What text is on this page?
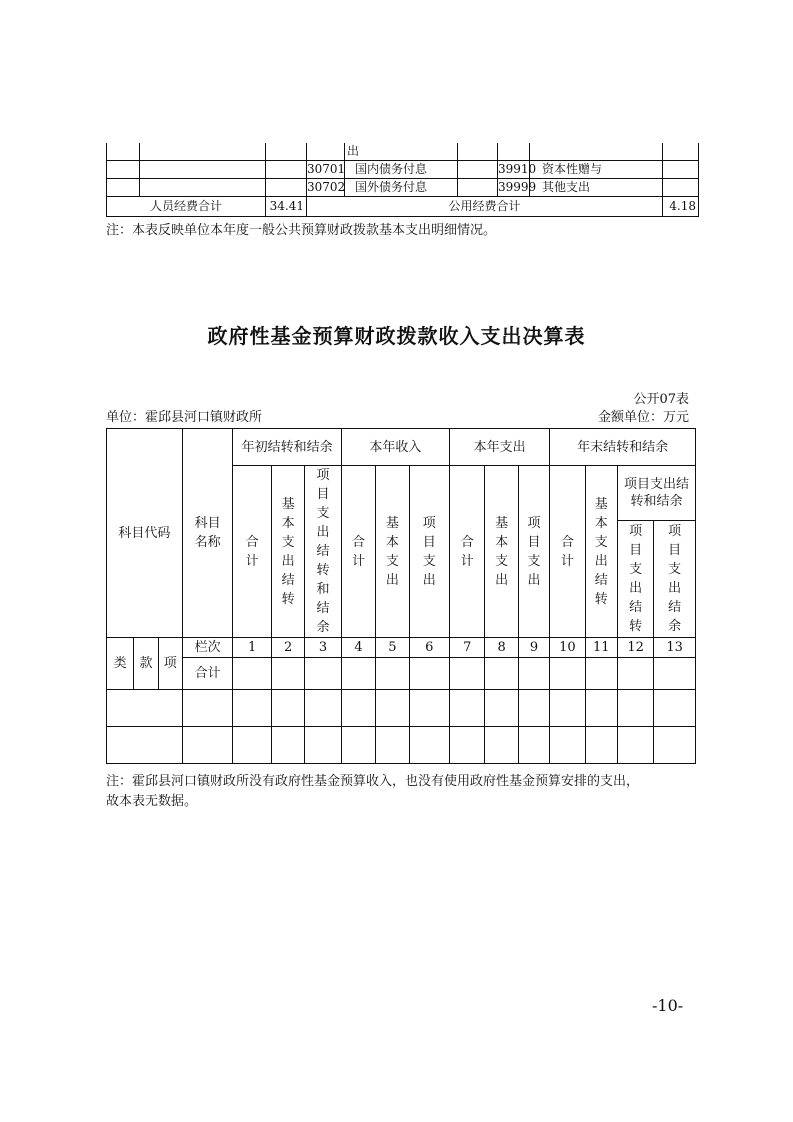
				出				
			30701	国内债务付息		39910	资本性赠与	
			30702	国外债务付息		39999	其他支出	
人员经费合计		34.41	公用经费合计					4.18
注：本表反映单位本年度一般公共预算财政拨款基本支出明细情况。
政府性基金预算财政拨款收入支出决算表
公开07表
单位：霍邱县河口镇财政所	金额单位：万元
科目代码			科目名称	年初结转和结余			本年收入			本年支出			年末结转和结余			
				合计	基本支出结转	项目支出结转和结余	合计	基本支出	项目支出	合计	基本支出	项目支出	合计	基本支出结转	项目支出结转和结余	
															项目支出结转	项目支出结余
类	款	项	栏次	1	2	3	4	5	6	7	8	9	10	11	12	13
			合计													

注：霍邱县河口镇财政所没有政府性基金预算收入，也没有使用政府性基金预算安排的支出，
故本表无数据。
-10-
